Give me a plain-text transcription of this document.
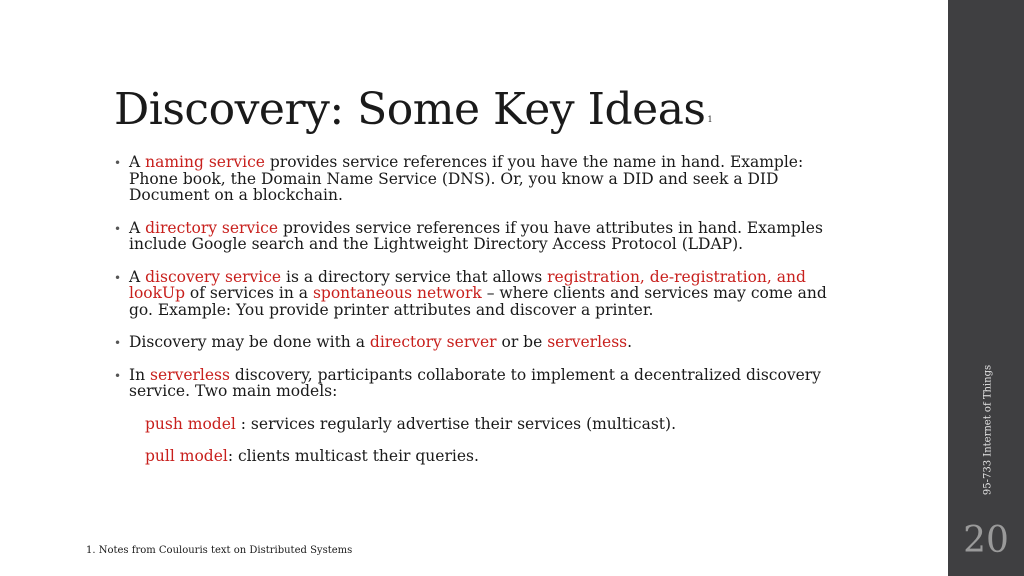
Discovery: Some Key Ideas $^1$
• A naming service provides service references if you have the name in hand. Example: Phone book, the Domain Name Service (DNS). Or, you know a DID and seek a DID Document on a blockchain.
• A directory service provides service references if you have attributes in hand. Examples include Google search and the Lightweight Directory Access Protocol (LDAP).
• A discovery service is a directory service that allows registration, de-registration, and lookUp of services in a spontaneous network – where clients and services may come and go. Example: You provide printer attributes and discover a printer.
• Discovery may be done with a directory server or be serverless.
• In serverless discovery, participants collaborate to implement a decentralized discovery service. Two main models:
push model : services regularly advertise their services (multicast).
pull model: clients multicast their queries.
1. Notes from Coulouris text on Distributed Systems
95-733 Internet of Things
20
